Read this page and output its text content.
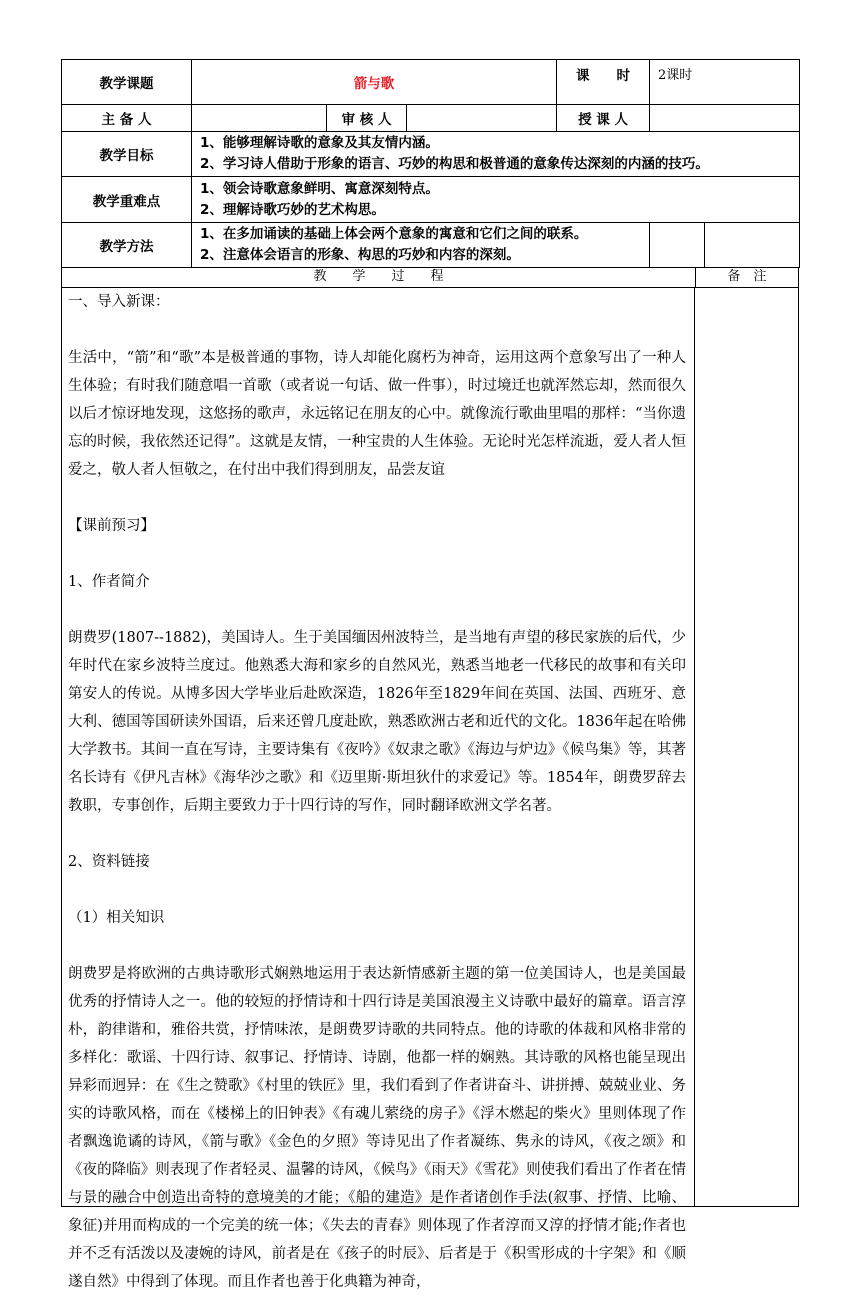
教学课题	箭与歌			课　　时	2课时	
主 备 人		审 核 人		授 课 人		
教学目标	1、能够理解诗歌的意象及其友情内涵。
2、学习诗人借助于形象的语言、巧妙的构思和极普通的意象传达深刻的内涵的技巧。					

教学重难点	1、领会诗歌意象鲜明、寓意深刻特点。
2、理解诗歌巧妙的艺术构思。					

教学方法	1、在多加诵读的基础上体会两个意象的寓意和它们之间的联系。
2、注意体会语言的形象、构思的巧妙和内容的深刻。					

教　　学　　过　　程	备　注

一、导入新课：

生活中，“箭”和“歌”本是极普通的事物，诗人却能化腐朽为神奇，运用这两个意象写出了一种人生体验；有时我们随意唱一首歌（或者说一句话、做一件事），时过境迁也就浑然忘却，然而很久以后才惊讶地发现，这悠扬的歌声，永远铭记在朋友的心中。就像流行歌曲里唱的那样：“当你遗忘的时候，我依然还记得”。这就是友情，一种宝贵的人生体验。无论时光怎样流逝，爱人者人恒爱之，敬人者人恒敬之，在付出中我们得到朋友，品尝友谊

【课前预习】

1、作者简介

朗费罗(1807--1882)，美国诗人。生于美国缅因州波特兰，是当地有声望的移民家族的后代，少年时代在家乡波特兰度过。他熟悉大海和家乡的自然风光，熟悉当地老一代移民的故事和有关印第安人的传说。从博多因大学毕业后赴欧深造，1826年至1829年间在英国、法国、西班牙、意大利、德国等国研读外国语，后来还曾几度赴欧，熟悉欧洲古老和近代的文化。1836年起在哈佛大学教书。其间一直在写诗，主要诗集有《夜吟》《奴隶之歌》《海边与炉边》《候鸟集》等，其著名长诗有《伊凡吉林》《海华沙之歌》和《迈里斯·斯坦狄什的求爱记》等。1854年，朗费罗辞去教职，专事创作，后期主要致力于十四行诗的写作，同时翻译欧洲文学名著。

2、资料链接

（1）相关知识

朗费罗是将欧洲的古典诗歌形式娴熟地运用于表达新情感新主题的第一位美国诗人，也是美国最优秀的抒情诗人之一。他的较短的抒情诗和十四行诗是美国浪漫主义诗歌中最好的篇章。语言淳朴，韵律谐和，雅俗共赏，抒情味浓，是朗费罗诗歌的共同特点。他的诗歌的体裁和风格非常的多样化：歌谣、十四行诗、叙事记、抒情诗、诗剧，他都一样的娴熟。其诗歌的风格也能呈现出异彩而迥异：在《生之赞歌》《村里的铁匠》里，我们看到了作者讲奋斗、讲拼搏、兢兢业业、务实的诗歌风格，而在《楼梯上的旧钟表》《有魂儿萦绕的房子》《浮木燃起的柴火》里则体现了作者飘逸诡谲的诗风，《箭与歌》《金色的夕照》等诗见出了作者凝练、隽永的诗风，《夜之颂》和《夜的降临》则表现了作者轻灵、温馨的诗风，《候鸟》《雨天》《雪花》则使我们看出了作者在情与景的融合中创造出奇特的意境美的才能；《船的建造》是作者诸创作手法(叙事、抒情、比喻、象征)并用而构成的一个完美的统一体；《失去的青春》则体现了作者淳而又淳的抒情才能;作者也并不乏有活泼以及凄婉的诗风，前者是在《孩子的时辰》、后者是于《积雪形成的十字架》和《顺遂自然》中得到了体现。而且作者也善于化典籍为神奇，
